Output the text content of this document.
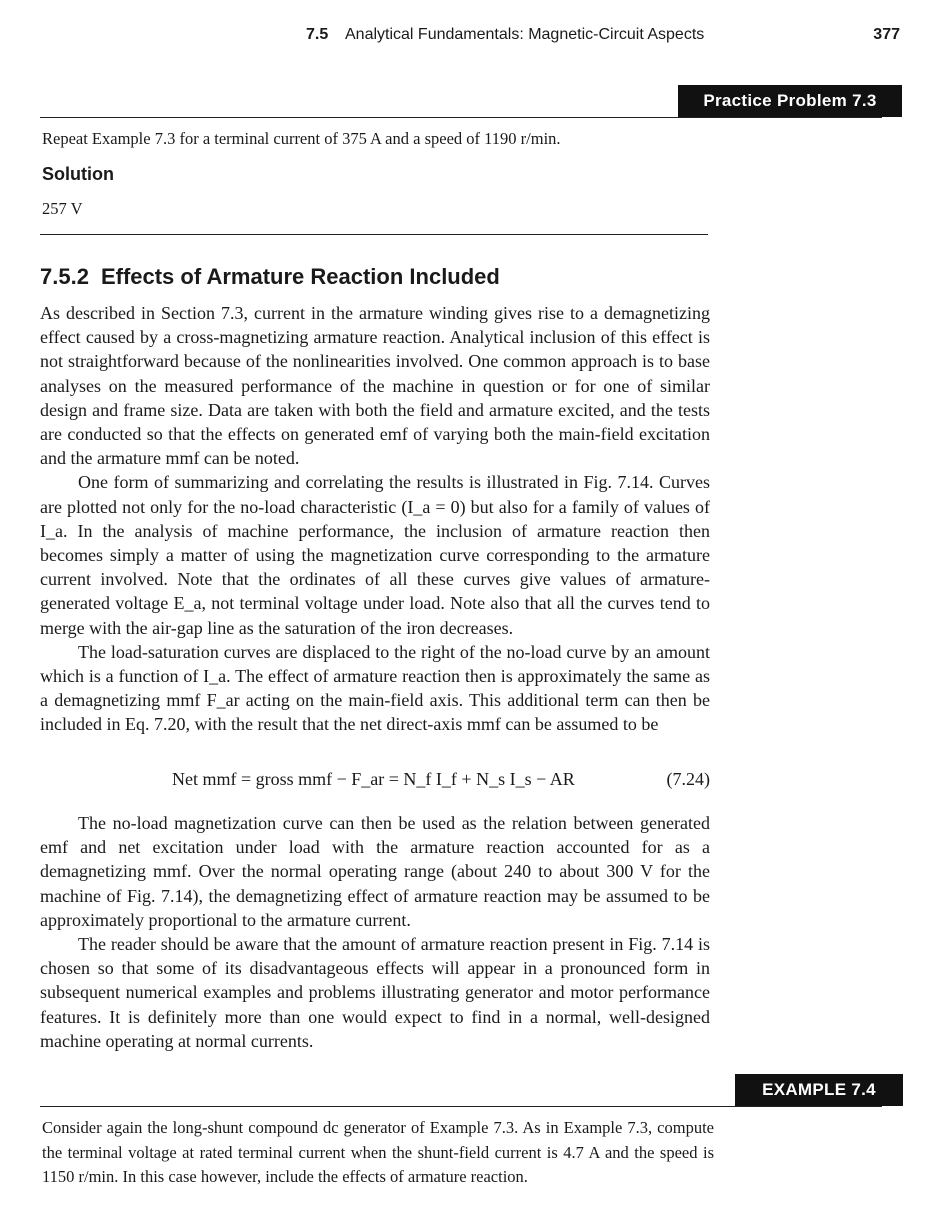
7.5 Analytical Fundamentals: Magnetic-Circuit Aspects	377
Practice Problem 7.3
Repeat Example 7.3 for a terminal current of 375 A and a speed of 1190 r/min.
Solution
257 V
7.5.2 Effects of Armature Reaction Included

As described in Section 7.3, current in the armature winding gives rise to a demagnetizing effect caused by a cross-magnetizing armature reaction. Analytical inclusion of this effect is not straightforward because of the nonlinearities involved. One common approach is to base analyses on the measured performance of the machine in question or for one of similar design and frame size. Data are taken with both the field and armature excited, and the tests are conducted so that the effects on generated emf of varying both the main-field excitation and the armature mmf can be noted.

One form of summarizing and correlating the results is illustrated in Fig. 7.14. Curves are plotted not only for the no-load characteristic (I_a = 0) but also for a family of values of I_a. In the analysis of machine performance, the inclusion of armature reaction then becomes simply a matter of using the magnetization curve corresponding to the armature current involved. Note that the ordinates of all these curves give values of armature-generated voltage E_a, not terminal voltage under load. Note also that all the curves tend to merge with the air-gap line as the saturation of the iron decreases.

The load-saturation curves are displaced to the right of the no-load curve by an amount which is a function of I_a. The effect of armature reaction then is approximately the same as a demagnetizing mmf F_ar acting on the main-field axis. This additional term can then be included in Eq. 7.20, with the result that the net direct-axis mmf can be assumed to be

Net mmf = gross mmf − F_ar = N_f I_f + N_s I_s − AR	(7.24)

The no-load magnetization curve can then be used as the relation between generated emf and net excitation under load with the armature reaction accounted for as a demagnetizing mmf. Over the normal operating range (about 240 to about 300 V for the machine of Fig. 7.14), the demagnetizing effect of armature reaction may be assumed to be approximately proportional to the armature current.

The reader should be aware that the amount of armature reaction present in Fig. 7.14 is chosen so that some of its disadvantageous effects will appear in a pronounced form in subsequent numerical examples and problems illustrating generator and motor performance features. It is definitely more than one would expect to find in a normal, well-designed machine operating at normal currents.

EXAMPLE 7.4
Consider again the long-shunt compound dc generator of Example 7.3. As in Example 7.3, compute the terminal voltage at rated terminal current when the shunt-field current is 4.7 A and the speed is 1150 r/min. In this case however, include the effects of armature reaction.
